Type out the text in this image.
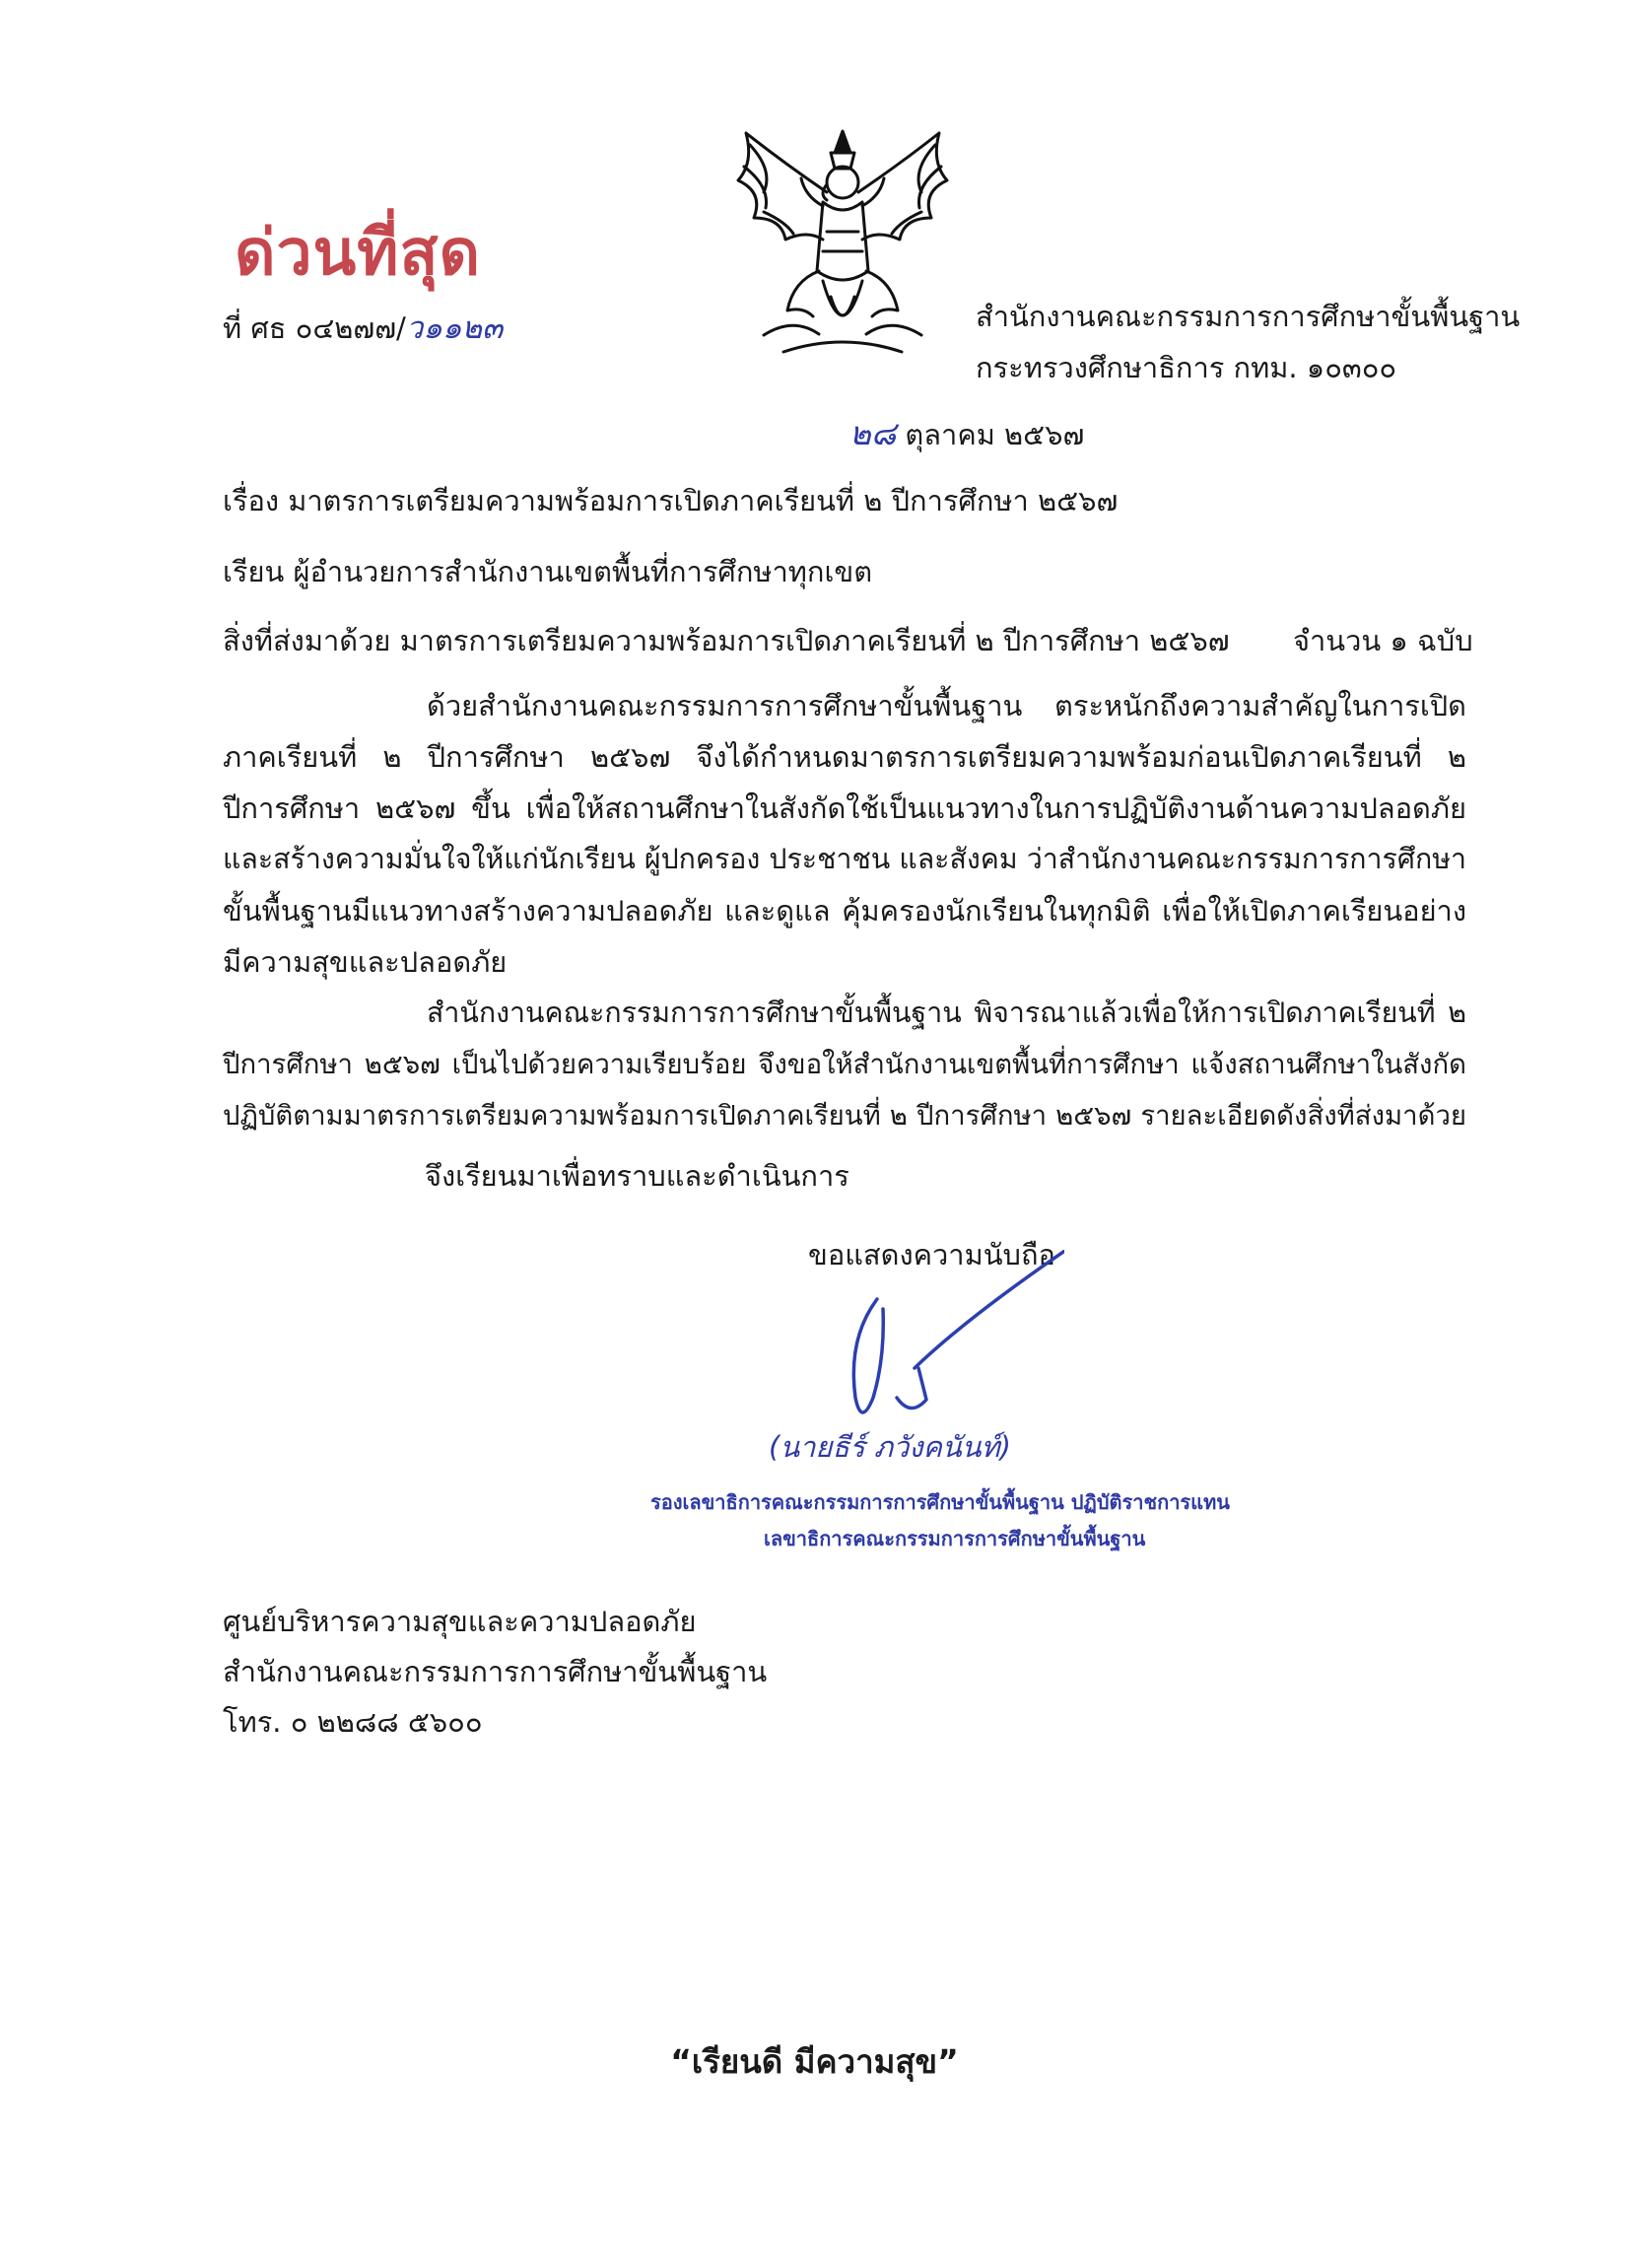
ด่วนที่สุด
ที่ ศธ ๐๔๒๗๗/ว๑๑๒๓	สำนักงานคณะกรรมการการศึกษาขั้นพื้นฐาน
กระทรวงศึกษาธิการ กทม. ๑๐๓๐๐
๒๘ ตุลาคม ๒๕๖๗
เรื่อง มาตรการเตรียมความพร้อมการเปิดภาคเรียนที่ ๒ ปีการศึกษา ๒๕๖๗
เรียน ผู้อำนวยการสำนักงานเขตพื้นที่การศึกษาทุกเขต
สิ่งที่ส่งมาด้วย มาตรการเตรียมความพร้อมการเปิดภาคเรียนที่ ๒ ปีการศึกษา ๒๕๖๗ จำนวน ๑ ฉบับ
ด้วยสำนักงานคณะกรรมการการศึกษาขั้นพื้นฐาน ตระหนักถึงความสำคัญในการเปิด
ภาคเรียนที่ ๒ ปีการศึกษา ๒๕๖๗ จึงได้กำหนดมาตรการเตรียมความพร้อมก่อนเปิดภาคเรียนที่ ๒
ปีการศึกษา ๒๕๖๗ ขึ้น เพื่อให้สถานศึกษาในสังกัดใช้เป็นแนวทางในการปฏิบัติงานด้านความปลอดภัย
และสร้างความมั่นใจให้แก่นักเรียน ผู้ปกครอง ประชาชน และสังคม ว่าสำนักงานคณะกรรมการการศึกษา
ขั้นพื้นฐานมีแนวทางสร้างความปลอดภัย และดูแล คุ้มครองนักเรียนในทุกมิติ เพื่อให้เปิดภาคเรียนอย่าง
มีความสุขและปลอดภัย
สำนักงานคณะกรรมการการศึกษาขั้นพื้นฐาน พิจารณาแล้วเพื่อให้การเปิดภาคเรียนที่ ๒
ปีการศึกษา ๒๕๖๗ เป็นไปด้วยความเรียบร้อย จึงขอให้สำนักงานเขตพื้นที่การศึกษา แจ้งสถานศึกษาในสังกัด
ปฏิบัติตามมาตรการเตรียมความพร้อมการเปิดภาคเรียนที่ ๒ ปีการศึกษา ๒๕๖๗ รายละเอียดดังสิ่งที่ส่งมาด้วย
จึงเรียนมาเพื่อทราบและดำเนินการ
ขอแสดงความนับถือ
(นายธีร์ ภวังคนันท์)
รองเลขาธิการคณะกรรมการการศึกษาขั้นพื้นฐาน ปฏิบัติราชการแทน
เลขาธิการคณะกรรมการการศึกษาขั้นพื้นฐาน
ศูนย์บริหารความสุขและความปลอดภัย
สำนักงานคณะกรรมการการศึกษาขั้นพื้นฐาน
โทร. ๐ ๒๒๘๘ ๕๖๐๐
“เรียนดี มีความสุข”
